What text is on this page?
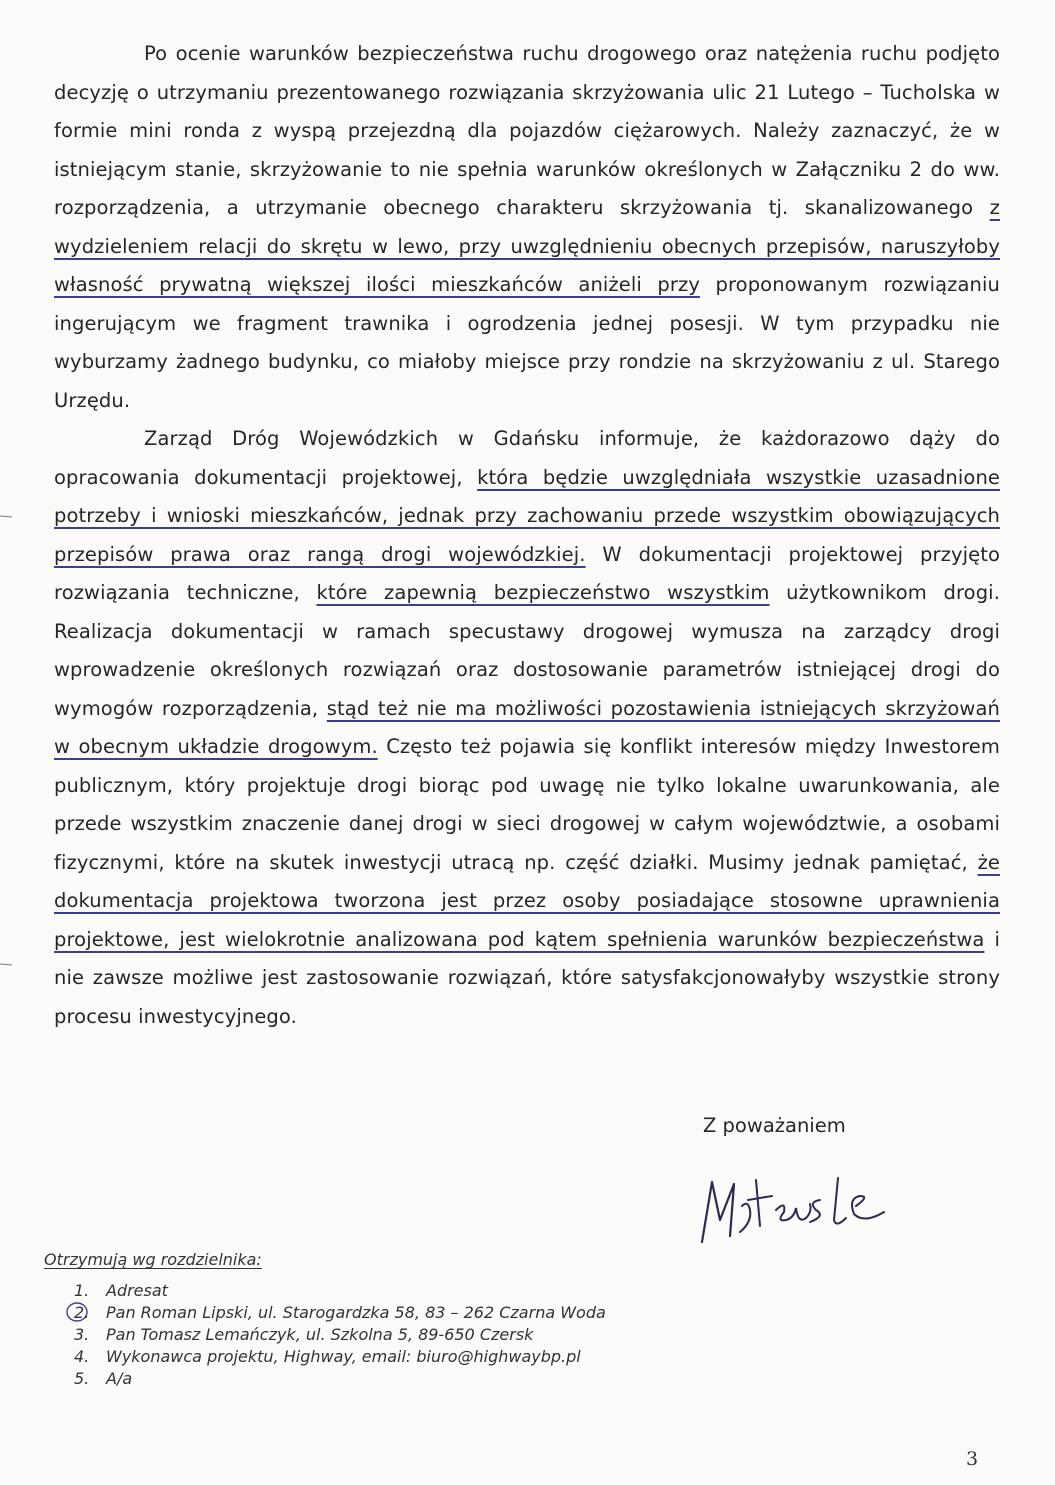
Po ocenie warunków bezpieczeństwa ruchu drogowego oraz natężenia ruchu podjęto decyzję o utrzymaniu prezentowanego rozwiązania skrzyżowania ulic 21 Lutego – Tucholska w formie mini ronda z wyspą przejezdną dla pojazdów ciężarowych. Należy zaznaczyć, że w istniejącym stanie, skrzyżowanie to nie spełnia warunków określonych w Załączniku 2 do ww. rozporządzenia, a utrzymanie obecnego charakteru skrzyżowania tj. skanalizowanego z wydzieleniem relacji do skrętu w lewo, przy uwzględnieniu obecnych przepisów, naruszyłoby własność prywatną większej ilości mieszkańców aniżeli przy proponowanym rozwiązaniu ingerującym we fragment trawnika i ogrodzenia jednej posesji. W tym przypadku nie wyburzamy żadnego budynku, co miałoby miejsce przy rondzie na skrzyżowaniu z ul. Starego Urzędu.

Zarząd Dróg Wojewódzkich w Gdańsku informuje, że każdorazowo dąży do opracowania dokumentacji projektowej, która będzie uwzględniała wszystkie uzasadnione potrzeby i wnioski mieszkańców, jednak przy zachowaniu przede wszystkim obowiązujących przepisów prawa oraz rangą drogi wojewódzkiej. W dokumentacji projektowej przyjęto rozwiązania techniczne, które zapewnią bezpieczeństwo wszystkim użytkownikom drogi. Realizacja dokumentacji w ramach specustawy drogowej wymusza na zarządcy drogi wprowadzenie określonych rozwiązań oraz dostosowanie parametrów istniejącej drogi do wymogów rozporządzenia, stąd też nie ma możliwości pozostawienia istniejących skrzyżowań w obecnym układzie drogowym. Często też pojawia się konflikt interesów między Inwestorem publicznym, który projektuje drogi biorąc pod uwagę nie tylko lokalne uwarunkowania, ale przede wszystkim znaczenie danej drogi w sieci drogowej w całym województwie, a osobami fizycznymi, które na skutek inwestycji utracą np. część działki. Musimy jednak pamiętać, że dokumentacja projektowa tworzona jest przez osoby posiadające stosowne uprawnienia projektowe, jest wielokrotnie analizowana pod kątem spełnienia warunków bezpieczeństwa i nie zawsze możliwe jest zastosowanie rozwiązań, które satysfakcjonowałyby wszystkie strony procesu inwestycyjnego.

Z poważaniem
Otrzymują wg rozdzielnika:
1. Adresat
2. Pan Roman Lipski, ul. Starogardzka 58, 83 – 262 Czarna Woda
3. Pan Tomasz Lemańczyk, ul. Szkolna 5, 89-650 Czersk
4. Wykonawca projektu, Highway, email: biuro@highwaybp.pl
5. A/a
3
